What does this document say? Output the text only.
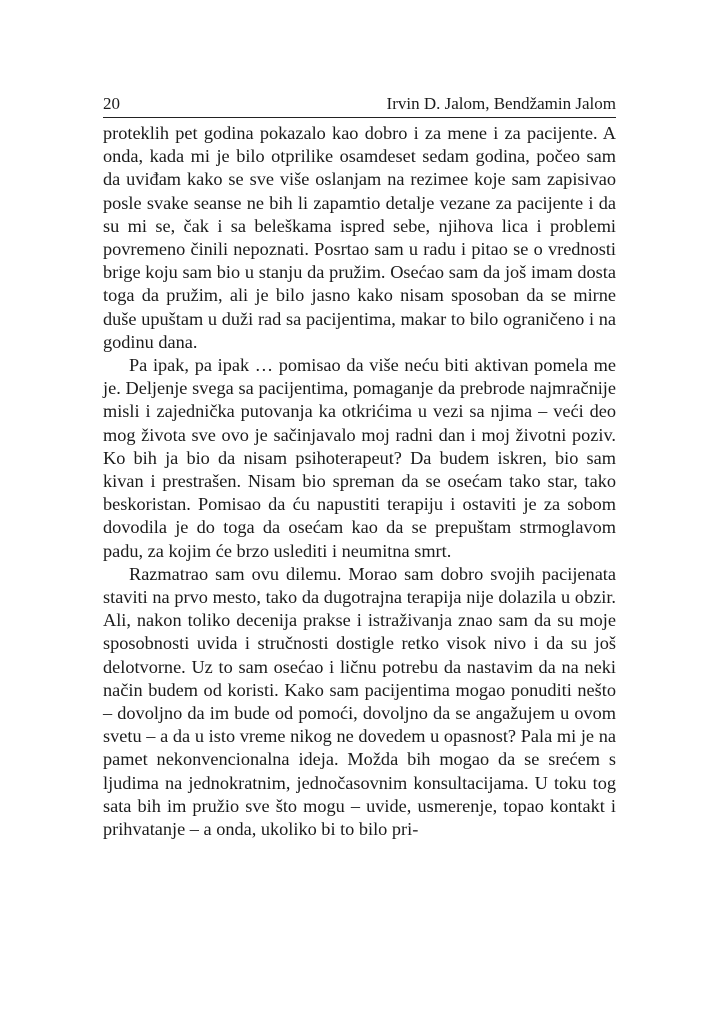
20	Irvin D. Jalom, Bendžamin Jalom

proteklih pet godina pokazalo kao dobro i za mene i za pacijente. A onda, kada mi je bilo otprilike osamdeset sedam godina, počeo sam da uviđam kako se sve više oslanjam na rezimee koje sam zapisivao posle svake seanse ne bih li zapamtio detalje vezane za pacijente i da su mi se, čak i sa beleškama ispred sebe, njihova lica i problemi povremeno činili nepoznati. Posrtao sam u radu i pitao se o vrednosti brige koju sam bio u stanju da pružim. Osećao sam da još imam dosta toga da pružim, ali je bilo jasno kako nisam sposoban da se mirne duše upuštam u duži rad sa pacijentima, makar to bilo ograničeno i na godinu dana.

Pa ipak, pa ipak … pomisao da više neću biti aktivan pomela me je. Deljenje svega sa pacijentima, pomaganje da prebrode najmračnije misli i zajednička putovanja ka otkrićima u vezi sa njima – veći deo mog života sve ovo je sačinjavalo moj radni dan i moj životni poziv. Ko bih ja bio da nisam psihoterapeut? Da budem iskren, bio sam kivan i prestrašen. Nisam bio spreman da se osećam tako star, tako beskoristan. Pomisao da ću napustiti terapiju i ostaviti je za sobom dovodila je do toga da osećam kao da se prepuštam strmoglavom padu, za kojim će brzo uslediti i neumitna smrt.

Razmatrao sam ovu dilemu. Morao sam dobro svojih pacijenata staviti na prvo mesto, tako da dugotrajna terapija nije dolazila u obzir. Ali, nakon toliko decenija prakse i istraživanja znao sam da su moje sposobnosti uvida i stručnosti dostigle retko visok nivo i da su još delotvorne. Uz to sam osećao i ličnu potrebu da nastavim da na neki način budem od koristi. Kako sam pacijentima mogao ponuditi nešto – dovoljno da im bude od pomoći, dovoljno da se angažujem u ovom svetu – a da u isto vreme nikog ne dovedem u opasnost? Pala mi je na pamet nekonvencionalna ideja. Možda bih mogao da se srećem s ljudima na jednokratnim, jednočasovnim konsultacijama. U toku tog sata bih im pružio sve što mogu – uvide, usmerenje, topao kontakt i prihvatanje – a onda, ukoliko bi to bilo pri-
